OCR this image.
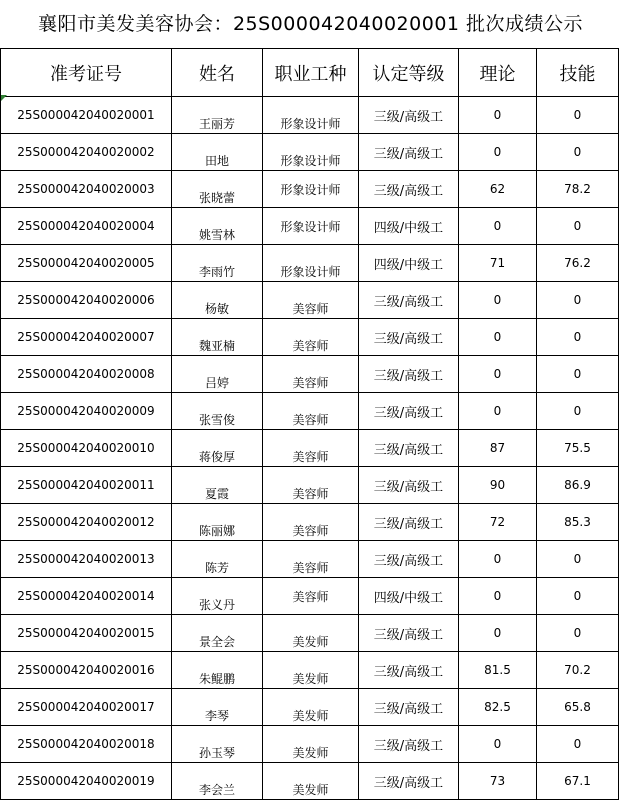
襄阳市美发美容协会：25S000042040020001 批次成绩公示
准考证号	姓名	职业工种	认定等级	理论	技能
25S000042040020001	王丽芳	形象设计师	三级/高级工	0	0
25S000042040020002	田地	形象设计师	三级/高级工	0	0
25S000042040020003	张晓蕾	形象设计师	三级/高级工	62	78.2
25S000042040020004	姚雪林	形象设计师	四级/中级工	0	0
25S000042040020005	李雨竹	形象设计师	四级/中级工	71	76.2
25S000042040020006	杨敏	美容师	三级/高级工	0	0
25S000042040020007	魏亚楠	美容师	三级/高级工	0	0
25S000042040020008	吕婷	美容师	三级/高级工	0	0
25S000042040020009	张雪俊	美容师	三级/高级工	0	0
25S000042040020010	蒋俊厚	美容师	三级/高级工	87	75.5
25S000042040020011	夏霞	美容师	三级/高级工	90	86.9
25S000042040020012	陈丽娜	美容师	三级/高级工	72	85.3
25S000042040020013	陈芳	美容师	三级/高级工	0	0
25S000042040020014	张义丹	美容师	四级/中级工	0	0
25S000042040020015	景全会	美发师	三级/高级工	0	0
25S000042040020016	朱鲲鹏	美发师	三级/高级工	81.5	70.2
25S000042040020017	李琴	美发师	三级/高级工	82.5	65.8
25S000042040020018	孙玉琴	美发师	三级/高级工	0	0
25S000042040020019	李会兰	美发师	三级/高级工	73	67.1
